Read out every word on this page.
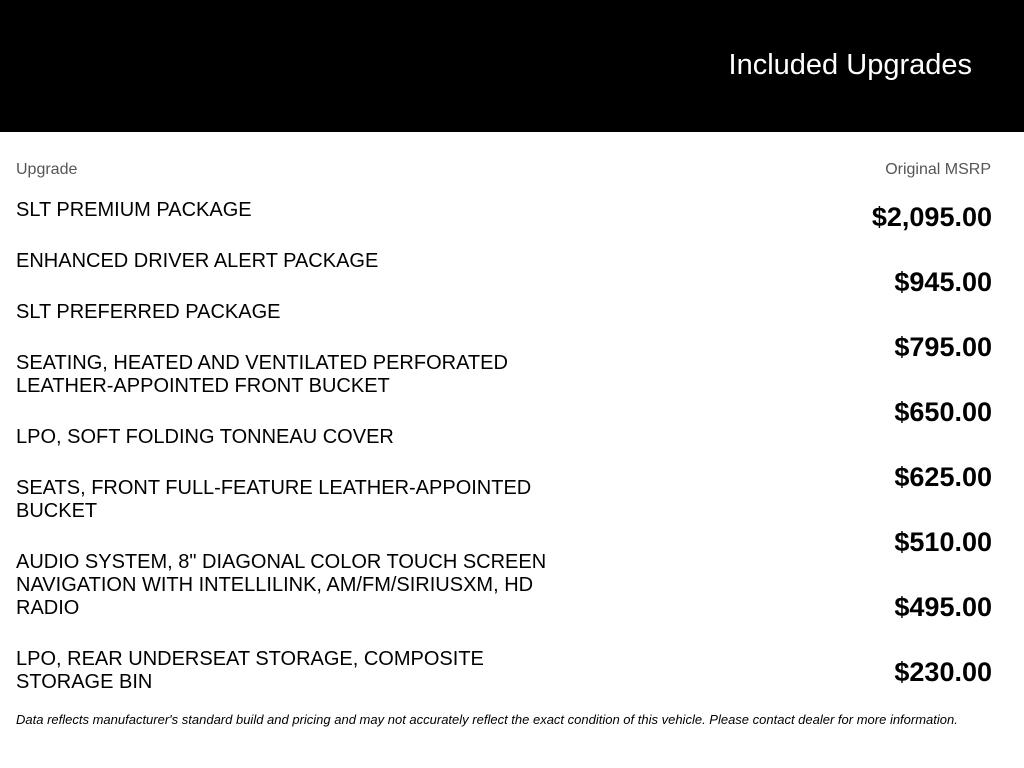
Included Upgrades
Upgrade	Original MSRP
SLT PREMIUM PACKAGE
ENHANCED DRIVER ALERT PACKAGE
SLT PREFERRED PACKAGE
SEATING, HEATED AND VENTILATED PERFORATED LEATHER-APPOINTED FRONT BUCKET
LPO, SOFT FOLDING TONNEAU COVER
SEATS, FRONT FULL-FEATURE LEATHER-APPOINTED BUCKET
AUDIO SYSTEM, 8" DIAGONAL COLOR TOUCH SCREEN NAVIGATION WITH INTELLILINK, AM/FM/SIRIUSXM, HD RADIO
LPO, REAR UNDERSEAT STORAGE, COMPOSITE STORAGE BIN
$2,095.00
$945.00
$795.00
$650.00
$625.00
$510.00
$495.00
$230.00
Data reflects manufacturer's standard build and pricing and may not accurately reflect the exact condition of this vehicle. Please contact dealer for more information.
